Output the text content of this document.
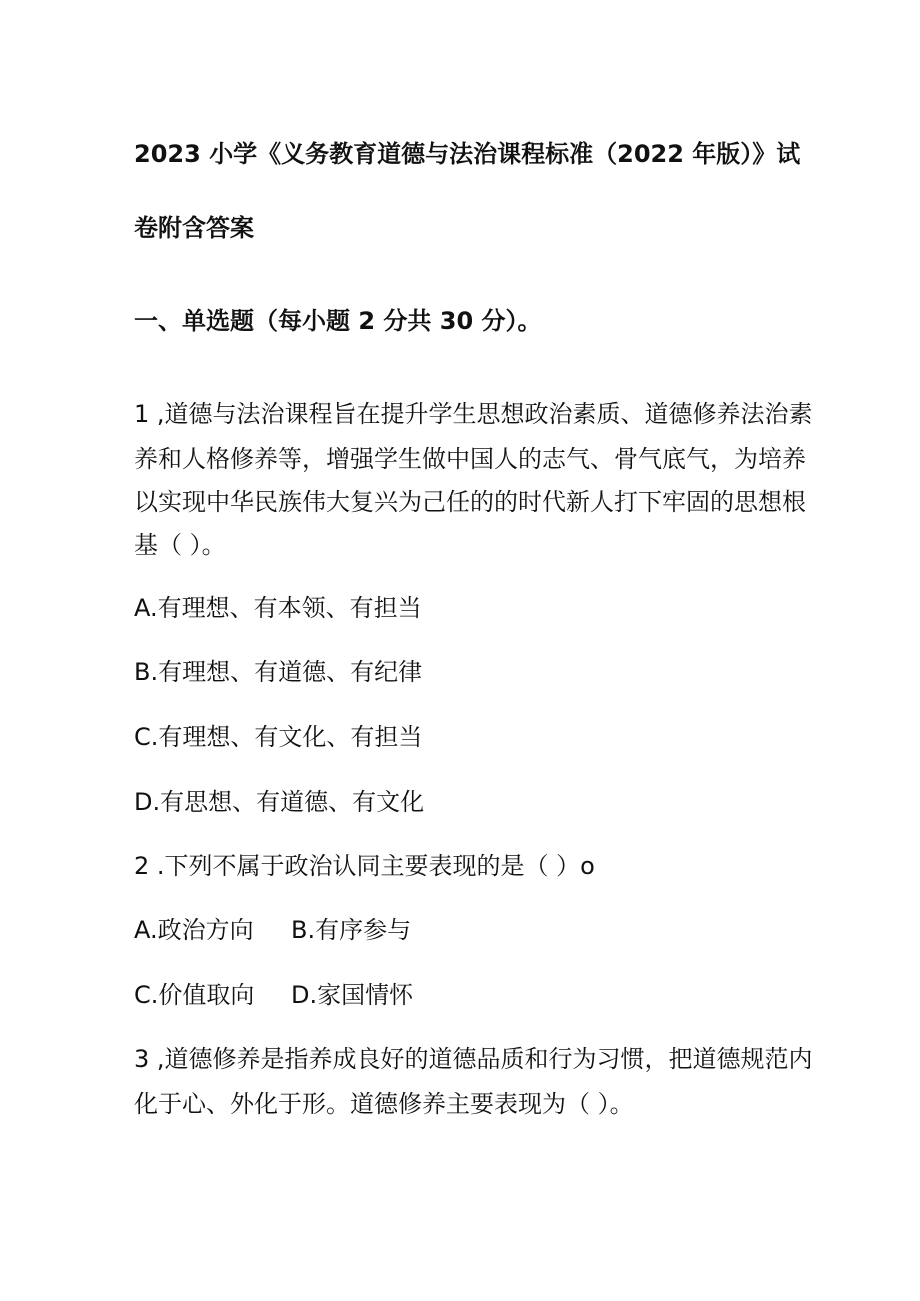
2023 小学《义务教育道德与法治课程标准（2022 年版）》试
卷附含答案
一、单选题（每小题 2 分共 30 分）。
1 ,道德与法治课程旨在提升学生思想政治素质、道德修养法治素
养和人格修养等，增强学生做中国人的志气、骨气底气，为培养
以实现中华民族伟大复兴为己任的的时代新人打下牢固的思想根
基（ ）。
A.有理想、有本领、有担当
B.有理想、有道德、有纪律
C.有理想、有文化、有担当
D.有思想、有道德、有文化
2 .下列不属于政治认同主要表现的是（ ）o
A.政治方向 B.有序参与
C.价值取向 D.家国情怀
3 ,道德修养是指养成良好的道德品质和行为习惯，把道德规范内
化于心、外化于形。道德修养主要表现为（ ）。
